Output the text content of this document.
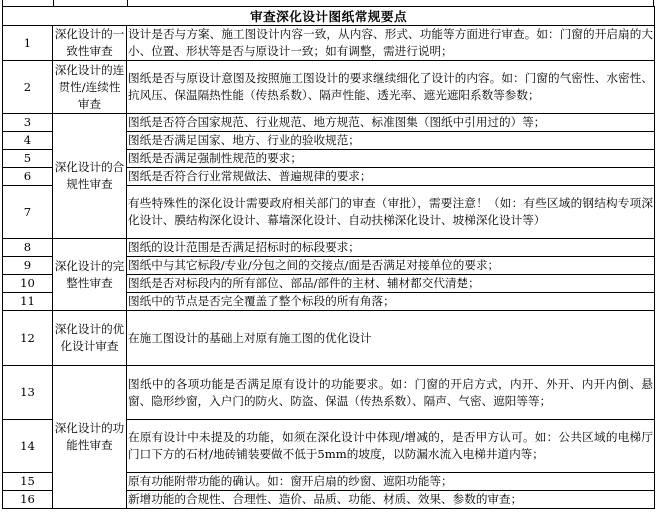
审查深化设计图纸常规要点		
1	深化设计的一致性审查	设计是否与方案、施工图设计内容一致，从内容、形式、功能等方面进行审查。如：门窗的开启扇的大小、位置、形状等是否与原设计一致；如有调整，需进行说明；
2	深化设计的连贯性/连续性审查	图纸是否与原设计意图及按照施工图设计的要求继续细化了设计的内容。如：门窗的气密性、水密性、抗风压、保温隔热性能（传热系数）、隔声性能、透光率、遮光遮阳系数等参数；
3	深化设计的合规性审查	图纸是否符合国家规范、行业规范、地方规范、标准图集（图纸中引用过的）等；
4		图纸是否满足国家、地方、行业的验收规范；
5		图纸是否满足强制性规范的要求；
6		图纸是否符合行业常规做法、普遍规律的要求；
7		有些特殊性的深化设计需要政府相关部门的审查（审批），需要注意！（如：有些区域的钢结构专项深化设计、膜结构深化设计、幕墙深化设计、自动扶梯深化设计、坡梯深化设计等）
8	深化设计的完整性审查	图纸的设计范围是否满足招标时的标段要求；
9		图纸中与其它标段/专业/分包之间的交接点/面是否满足对接单位的要求；
10		图纸是否对标段内的所有部位、部品/部件的主材、辅材都交代清楚；
11		图纸中的节点是否完全覆盖了整个标段的所有角落；
12	深化设计的优化设计审查	在施工图设计的基础上对原有施工图的优化设计
13	深化设计的功能性审查	图纸中的各项功能是否满足原有设计的功能要求。如：门窗的开启方式，内开、外开、内开内倒、悬窗、隐形纱窗，入户门的防火、防盗、保温（传热系数）、隔声、气密、遮阳等等；
14		在原有设计中未提及的功能，如须在深化设计中体现/增减的，是否甲方认可。如：公共区域的电梯厅门口下方的石材/地砖铺装要做不低于5mm的坡度，以防漏水流入电梯井道内等；
15		原有功能附带功能的确认。如：窗开启扇的纱窗、遮阳功能等；
16		新增功能的合规性、合理性、造价、品质、功能、材质、效果、参数的审查；
